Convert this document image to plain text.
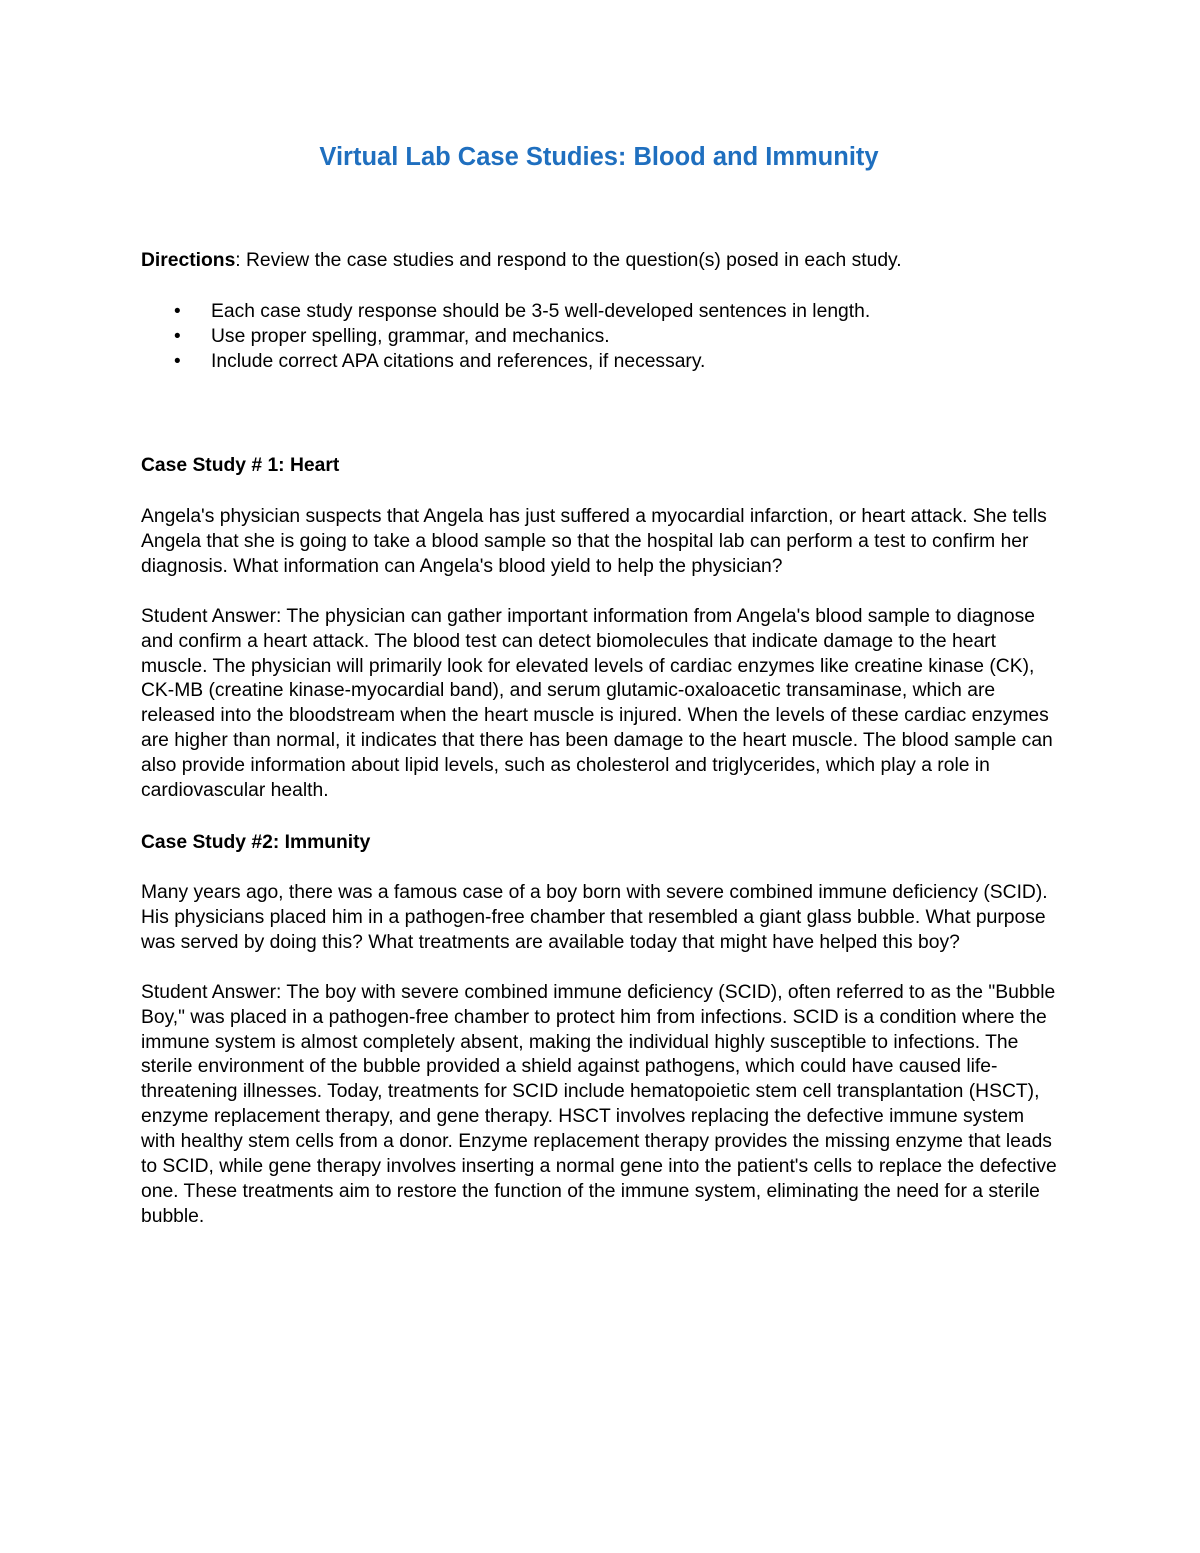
Virtual Lab Case Studies: Blood and Immunity

Directions: Review the case studies and respond to the question(s) posed in each study.

• Each case study response should be 3-5 well-developed sentences in length.
• Use proper spelling, grammar, and mechanics.
• Include correct APA citations and references, if necessary.
Case Study # 1: Heart

Angela's physician suspects that Angela has just suffered a myocardial infarction, or heart attack. She tells Angela that she is going to take a blood sample so that the hospital lab can perform a test to confirm her diagnosis. What information can Angela's blood yield to help the physician?

Student Answer: The physician can gather important information from Angela's blood sample to diagnose and confirm a heart attack. The blood test can detect biomolecules that indicate damage to the heart muscle. The physician will primarily look for elevated levels of cardiac enzymes like creatine kinase (CK), CK-MB (creatine kinase-myocardial band), and serum glutamic-oxaloacetic transaminase, which are released into the bloodstream when the heart muscle is injured. When the levels of these cardiac enzymes are higher than normal, it indicates that there has been damage to the heart muscle. The blood sample can also provide information about lipid levels, such as cholesterol and triglycerides, which play a role in cardiovascular health.

Case Study #2: Immunity

Many years ago, there was a famous case of a boy born with severe combined immune deficiency (SCID). His physicians placed him in a pathogen-free chamber that resembled a giant glass bubble. What purpose was served by doing this? What treatments are available today that might have helped this boy?

Student Answer: The boy with severe combined immune deficiency (SCID), often referred to as the "Bubble Boy," was placed in a pathogen-free chamber to protect him from infections. SCID is a condition where the immune system is almost completely absent, making the individual highly susceptible to infections. The sterile environment of the bubble provided a shield against pathogens, which could have caused life-threatening illnesses. Today, treatments for SCID include hematopoietic stem cell transplantation (HSCT), enzyme replacement therapy, and gene therapy. HSCT involves replacing the defective immune system with healthy stem cells from a donor. Enzyme replacement therapy provides the missing enzyme that leads to SCID, while gene therapy involves inserting a normal gene into the patient's cells to replace the defective one. These treatments aim to restore the function of the immune system, eliminating the need for a sterile bubble.
